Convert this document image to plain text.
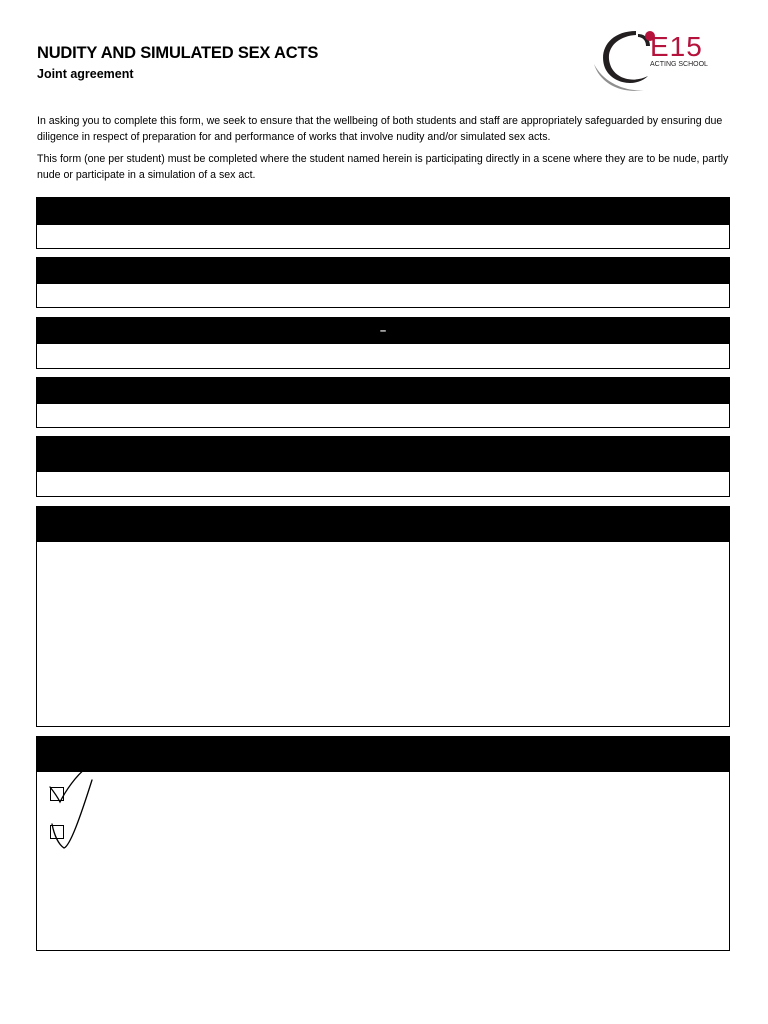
NUDITY AND SIMULATED SEX ACTS
Joint agreement
E15
ACTING SCHOOL

In asking you to complete this form, we seek to ensure that the wellbeing of both students and staff are appropriately safeguarded by ensuring due diligence in respect of preparation for and performance of works that involve nudity and/or simulated sex acts.

This form (one per student) must be completed where the student named herein is participating directly in a scene where they are to be nude, partly nude or participate in a simulation of a sex act.

–
